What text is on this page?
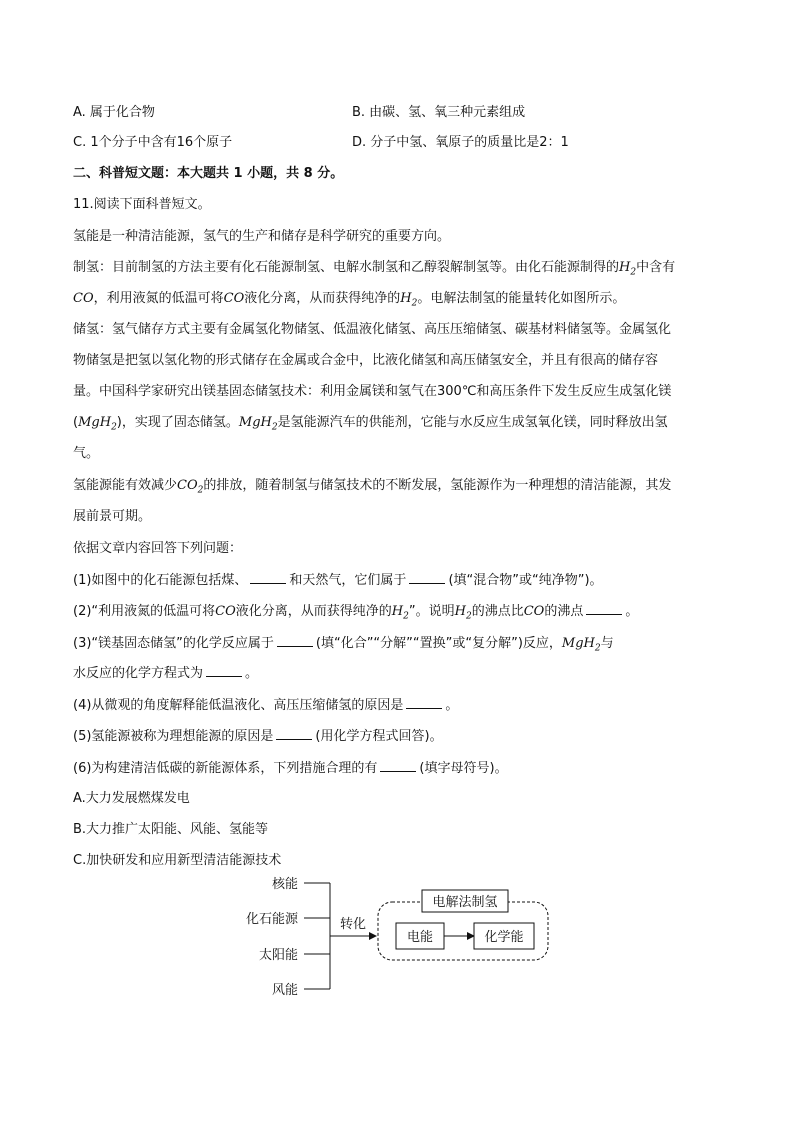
A. 属于化合物	B. 由碳、氢、氧三种元素组成
C. 1个分子中含有16个原子	D. 分子中氢、氧原子的质量比是2：1
二、科普短文题：本大题共 1 小题，共 8 分。
11.阅读下面科普短文。
氢能是一种清洁能源，氢气的生产和储存是科学研究的重要方向。
制氢：目前制氢的方法主要有化石能源制氢、电解水制氢和乙醇裂解制氢等。由化石能源制得的$H_2$中含有
CO，利用液氮的低温可将CO液化分离，从而获得纯净的$H_2$。电解法制氢的能量转化如图所示。
储氢：氢气储存方式主要有金属氢化物储氢、低温液化储氢、高压压缩储氢、碳基材料储氢等。金属氢化
物储氢是把氢以氢化物的形式储存在金属或合金中，比液化储氢和高压储氢安全，并且有很高的储存容
量。中国科学家研究出镁基固态储氢技术：利用金属镁和氢气在300℃和高压条件下发生反应生成氢化镁
(MgH$_2$)，实现了固态储氢。MgH$_2$是氢能源汽车的供能剂，它能与水反应生成氢氧化镁，同时释放出氢
气。
氢能源能有效减少$CO_2$的排放，随着制氢与储氢技术的不断发展，氢能源作为一种理想的清洁能源，其发
展前景可期。
依据文章内容回答下列问题：
(1)如图中的化石能源包括煤、	和天然气，它们属于	(填“混合物”或“纯净物”)。
(2)“利用液氮的低温可将CO液化分离，从而获得纯净的$H_2$”。说明$H_2$的沸点比CO的沸点	。
(3)“镁基固态储氢”的化学反应属于	(填“化合”“分解”“置换”或“复分解”)反应，MgH$_2$与
水反应的化学方程式为	。
(4)从微观的角度解释能低温液化、高压压缩储氢的原因是	。
(5)氢能源被称为理想能源的原因是	(用化学方程式回答)。
(6)为构建清洁低碳的新能源体系，下列措施合理的有	(填字母符号)。
A.大力发展燃煤发电
B.大力推广太阳能、风能、氢能等
C.加快研发和应用新型清洁能源技术
核能
化石能源
太阳能
风能
转化
电解法制氢
电能	化学能
